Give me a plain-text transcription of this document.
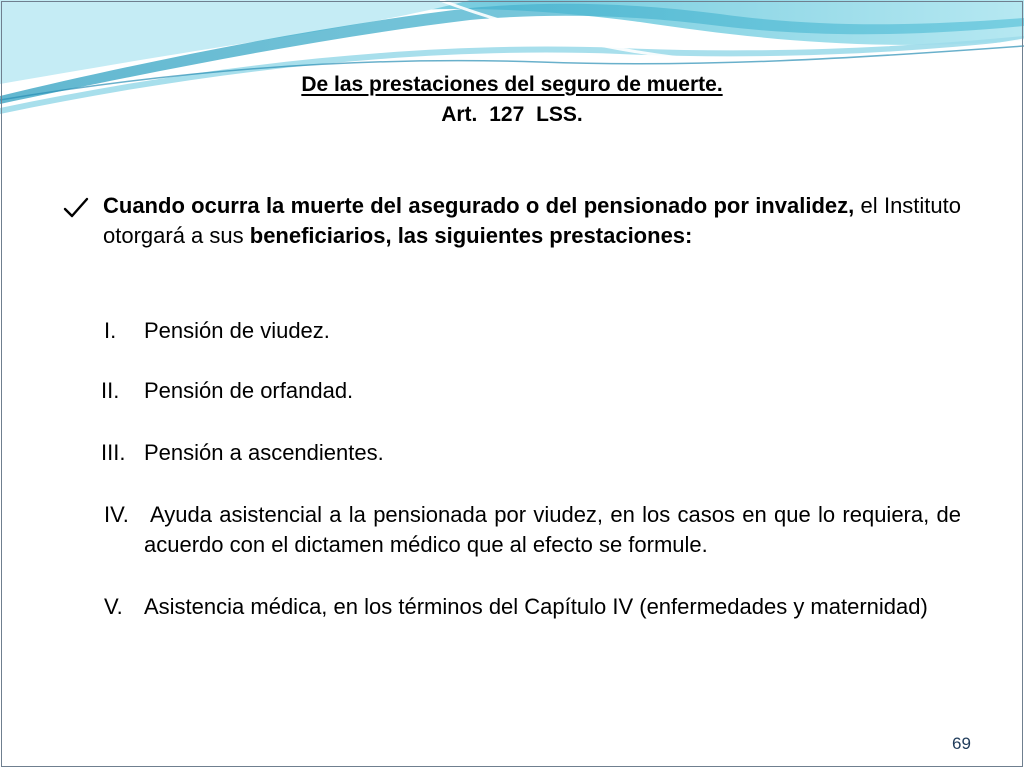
De las prestaciones del seguro de muerte.
Art. 127 LSS.
Cuando ocurra la muerte del asegurado o del pensionado por invalidez, el Instituto otorgará a sus beneficiarios, las siguientes prestaciones:
I. Pensión de viudez.
II. Pensión de orfandad.
III. Pensión a ascendientes.
IV. Ayuda asistencial a la pensionada por viudez, en los casos en que lo requiera, de acuerdo con el dictamen médico que al efecto se formule.
V. Asistencia médica, en los términos del Capítulo IV (enfermedades y maternidad)
69
